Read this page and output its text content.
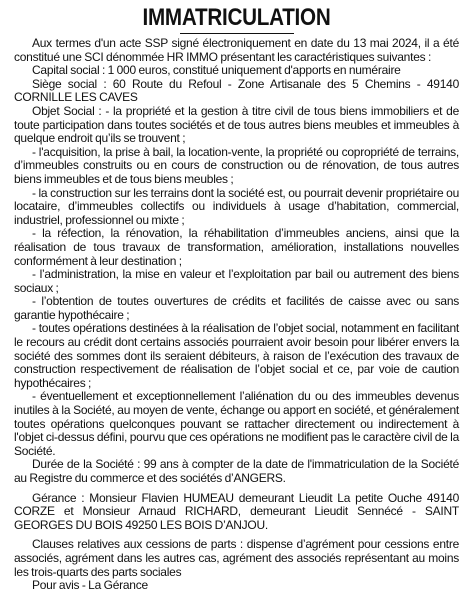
IMMATRICULATION

Aux termes d'un acte SSP signé électroniquement en date du 13 mai 2024, il a été constitué une SCI dénommée HR IMMO présentant les caractéristiques suivantes :

Capital social : 1 000 euros, constitué uniquement d'apports en numéraire

Siège social : 60 Route du Refoul - Zone Artisanale des 5 Chemins - 49140 CORNILLE LES CAVES

Objet Social : - la propriété et la gestion à titre civil de tous biens immobiliers et de toute participation dans toutes sociétés et de tous autres biens meubles et immeubles à quelque endroit qu’ils se trouvent ;

- l'acquisition, la prise à bail, la location-vente, la propriété ou copropriété de terrains, d’immeubles construits ou en cours de construction ou de rénovation, de tous autres biens immeubles et de tous biens meubles ;

- la construction sur les terrains dont la société est, ou pourrait devenir propriétaire ou locataire, d’immeubles collectifs ou individuels à usage d’habitation, commercial, industriel, professionnel ou mixte ;

- la réfection, la rénovation, la réhabilitation d’immeubles anciens, ainsi que la réalisation de tous travaux de transformation, amélioration, installations nouvelles conformément à leur destination ;

- l’administration, la mise en valeur et l’exploitation par bail ou autrement des biens sociaux ;

- l’obtention de toutes ouvertures de crédits et facilités de caisse avec ou sans garantie hypothécaire ;

- toutes opérations destinées à la réalisation de l’objet social, notamment en facilitant le recours au crédit dont certains associés pourraient avoir besoin pour libérer envers la société des sommes dont ils seraient débiteurs, à raison de l’exécution des travaux de construction respectivement de réalisation de l’objet social et ce, par voie de caution hypothécaires ;

- éventuellement et exceptionnellement l’aliénation du ou des immeubles devenus inutiles à la Société, au moyen de vente, échange ou apport en société, et généralement toutes opérations quelconques pouvant se rattacher directement ou indirectement à l'objet ci-dessus défini, pourvu que ces opérations ne modifient pas le caractère civil de la Société.

Durée de la Société : 99 ans à compter de la date de l'immatriculation de la Société au Registre du commerce et des sociétés d’ANGERS.

Gérance : Monsieur Flavien HUMEAU demeurant Lieudit La petite Ouche 49140 CORZE et Monsieur Arnaud RICHARD, demeurant Lieudit Sennécé - SAINT GEORGES DU BOIS 49250 LES BOIS D’ANJOU.

Clauses relatives aux cessions de parts : dispense d’agrément pour cessions entre associés, agrément dans les autres cas, agrément des associés représentant au moins les trois-quarts des parts sociales

Pour avis - La Gérance
